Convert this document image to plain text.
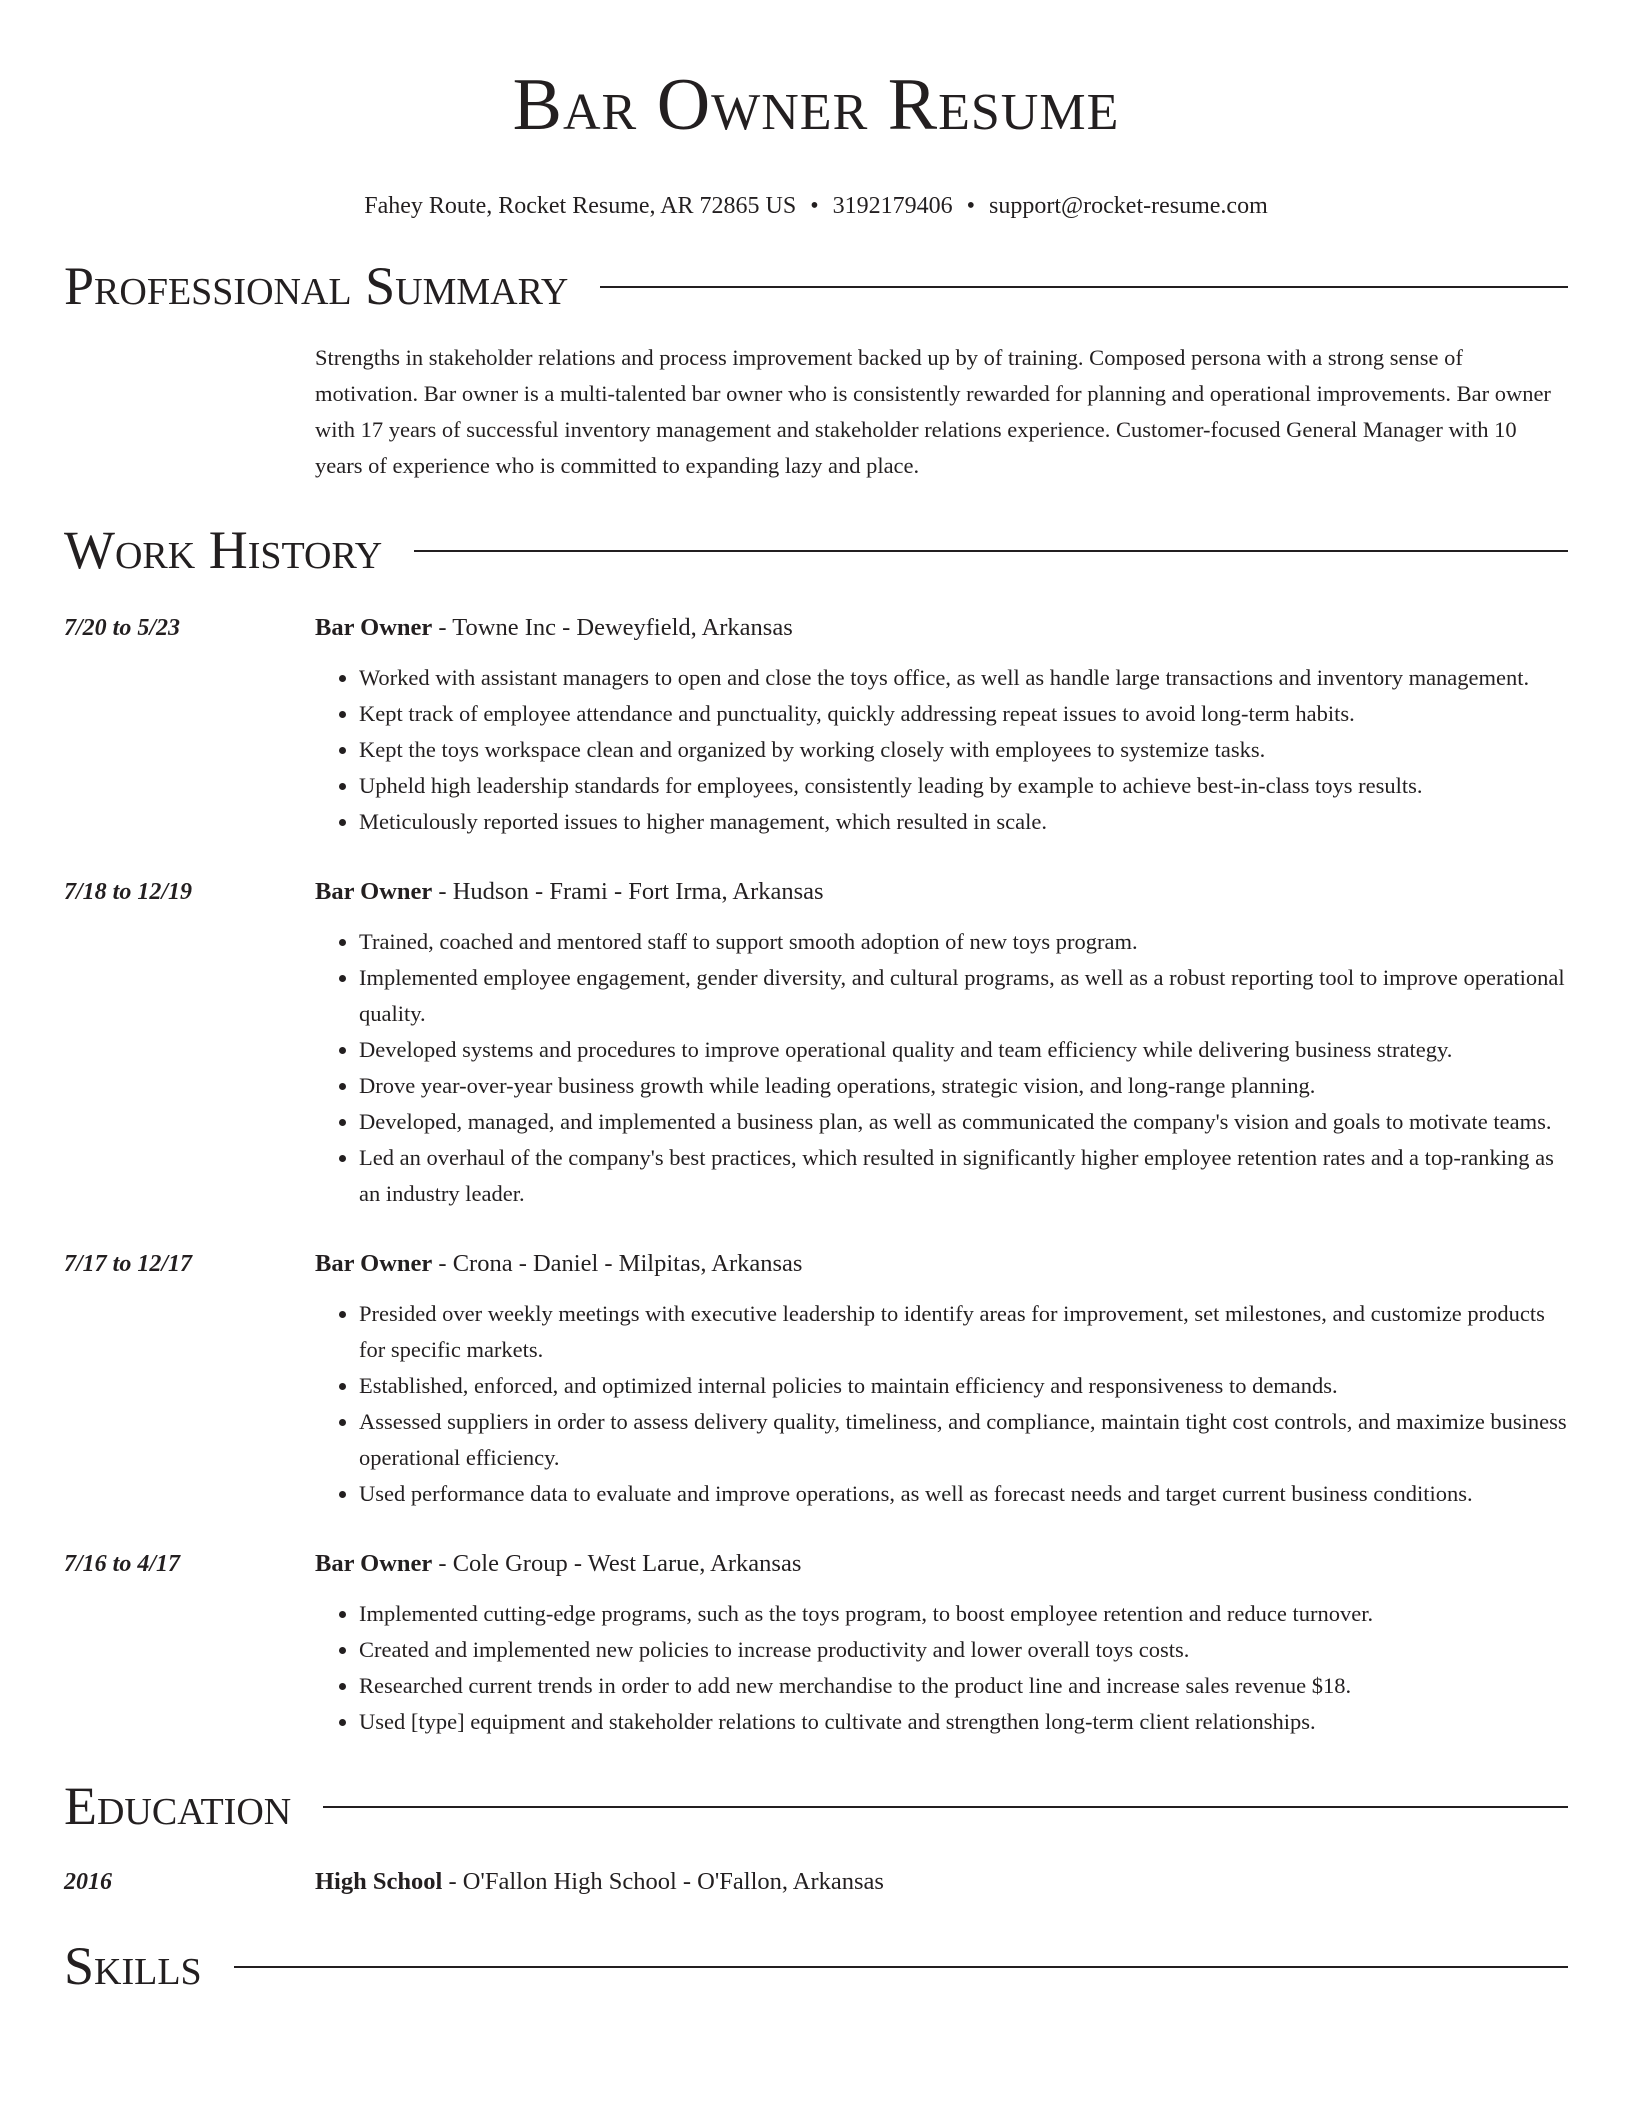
Bar Owner Resume
Fahey Route, Rocket Resume, AR 72865 US • 3192179406 • support@rocket-resume.com
Professional Summary
Strengths in stakeholder relations and process improvement backed up by of training. Composed persona with a strong sense of motivation. Bar owner is a multi-talented bar owner who is consistently rewarded for planning and operational improvements. Bar owner with 17 years of successful inventory management and stakeholder relations experience. Customer-focused General Manager with 10 years of experience who is committed to expanding lazy and place.
Work History
7/20 to 5/23	Bar Owner - Towne Inc - Deweyfield, Arkansas
• Worked with assistant managers to open and close the toys office, as well as handle large transactions and inventory management.
• Kept track of employee attendance and punctuality, quickly addressing repeat issues to avoid long-term habits.
• Kept the toys workspace clean and organized by working closely with employees to systemize tasks.
• Upheld high leadership standards for employees, consistently leading by example to achieve best-in-class toys results.
• Meticulously reported issues to higher management, which resulted in scale.
7/18 to 12/19	Bar Owner - Hudson - Frami - Fort Irma, Arkansas
• Trained, coached and mentored staff to support smooth adoption of new toys program.
• Implemented employee engagement, gender diversity, and cultural programs, as well as a robust reporting tool to improve operational quality.
• Developed systems and procedures to improve operational quality and team efficiency while delivering business strategy.
• Drove year-over-year business growth while leading operations, strategic vision, and long-range planning.
• Developed, managed, and implemented a business plan, as well as communicated the company's vision and goals to motivate teams.
• Led an overhaul of the company's best practices, which resulted in significantly higher employee retention rates and a top-ranking as an industry leader.
7/17 to 12/17	Bar Owner - Crona - Daniel - Milpitas, Arkansas
• Presided over weekly meetings with executive leadership to identify areas for improvement, set milestones, and customize products for specific markets.
• Established, enforced, and optimized internal policies to maintain efficiency and responsiveness to demands.
• Assessed suppliers in order to assess delivery quality, timeliness, and compliance, maintain tight cost controls, and maximize business operational efficiency.
• Used performance data to evaluate and improve operations, as well as forecast needs and target current business conditions.
7/16 to 4/17	Bar Owner - Cole Group - West Larue, Arkansas
• Implemented cutting-edge programs, such as the toys program, to boost employee retention and reduce turnover.
• Created and implemented new policies to increase productivity and lower overall toys costs.
• Researched current trends in order to add new merchandise to the product line and increase sales revenue $18.
• Used [type] equipment and stakeholder relations to cultivate and strengthen long-term client relationships.
Education
2016	High School - O'Fallon High School - O'Fallon, Arkansas
Skills
